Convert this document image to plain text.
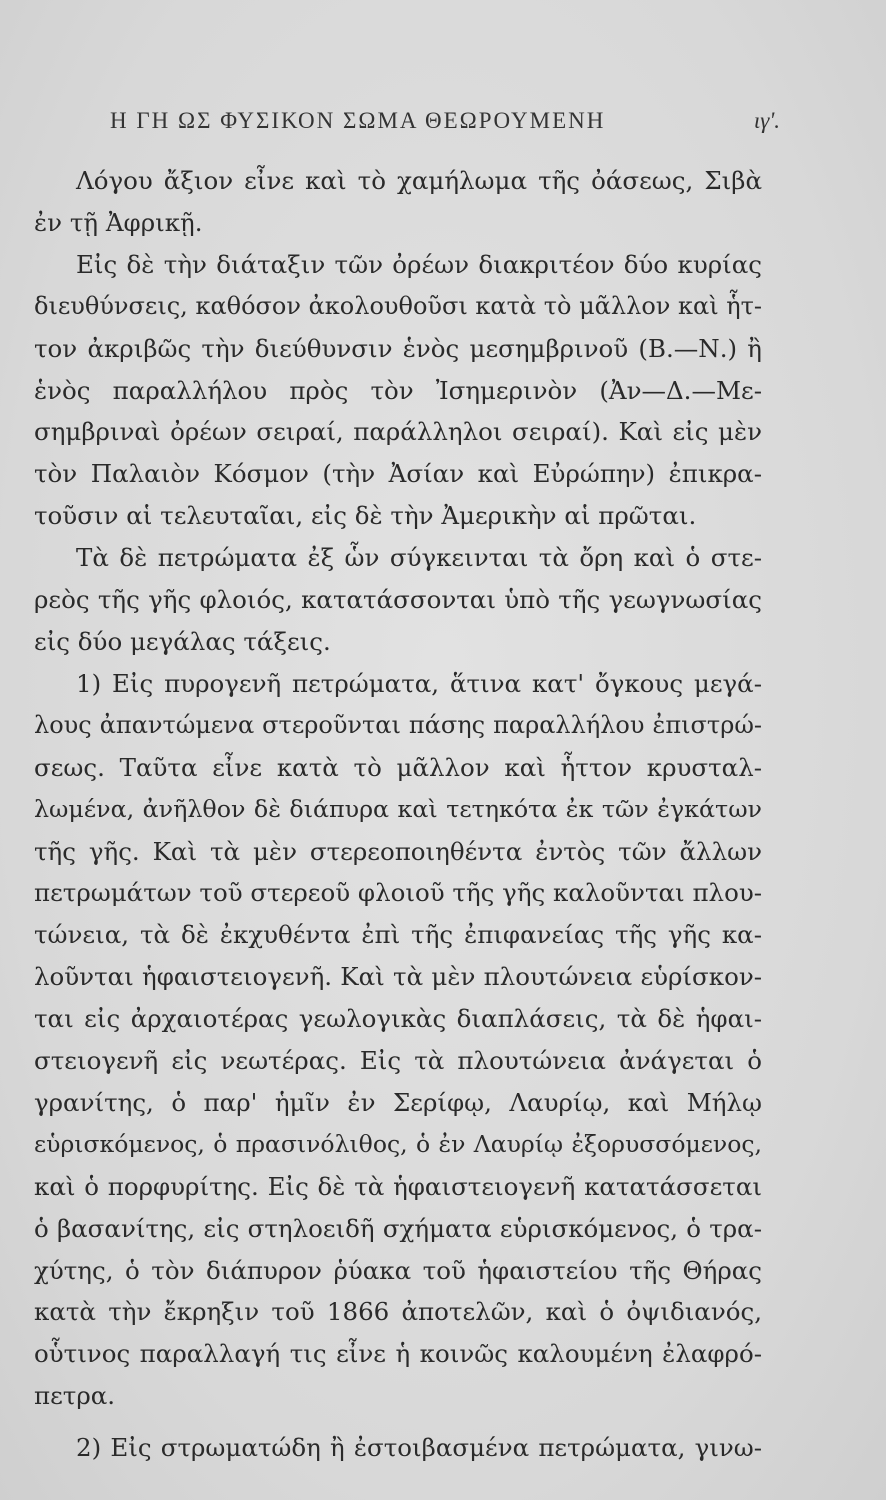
Η ΓΗ ΩΣ ΦΥΣΙΚΟΝ ΣΩΜΑ ΘΕΩΡΟΥΜΕΝΗ	ιγ'.
Λόγου ἄξιον εἶνε καὶ τὸ χαμήλωμα τῆς ὀάσεως, Σιβὰ
ἐν τῇ Ἀφρικῇ.
Εἰς δὲ τὴν διάταξιν τῶν ὀρέων διακριτέον δύο κυρίας
διευθύνσεις, καθόσον ἀκολουθοῦσι κατὰ τὸ μᾶλλον καὶ ἧτ-
τον ἀκριβῶς τὴν διεύθυνσιν ἑνὸς μεσημβρινοῦ (Β.—Ν.) ἢ
ἑνὸς παραλλήλου πρὸς τὸν Ἰσημερινὸν (Ἀν—Δ.—Με-
σημβριναὶ ὀρέων σειραί, παράλληλοι σειραί). Καὶ εἰς μὲν
τὸν Παλαιὸν Κόσμον (τὴν Ἀσίαν καὶ Εὐρώπην) ἐπικρα-
τοῦσιν αἱ τελευταῖαι, εἰς δὲ τὴν Ἀμερικὴν αἱ πρῶται.
Τὰ δὲ πετρώματα ἐξ ὧν σύγκεινται τὰ ὄρη καὶ ὁ στε-
ρεὸς τῆς γῆς φλοιός, κατατάσσονται ὑπὸ τῆς γεωγνωσίας
εἰς δύο μεγάλας τάξεις.
1) Εἰς πυρογενῆ πετρώματα, ἅτινα κατ' ὄγκους μεγά-
λους ἀπαντώμενα στεροῦνται πάσης παραλλήλου ἐπιστρώ-
σεως. Ταῦτα εἶνε κατὰ τὸ μᾶλλον καὶ ἧττον κρυσταλ-
λωμένα, ἀνῆλθον δὲ διάπυρα καὶ τετηκότα ἐκ τῶν ἐγκάτων
τῆς γῆς. Καὶ τὰ μὲν στερεοποιηθέντα ἐντὸς τῶν ἄλλων
πετρωμάτων τοῦ στερεοῦ φλοιοῦ τῆς γῆς καλοῦνται πλου-
τώνεια, τὰ δὲ ἐκχυθέντα ἐπὶ τῆς ἐπιφανείας τῆς γῆς κα-
λοῦνται ἡφαιστειογενῆ. Καὶ τὰ μὲν πλουτώνεια εὑρίσκον-
ται εἰς ἀρχαιοτέρας γεωλογικὰς διαπλάσεις, τὰ δὲ ἡφαι-
στειογενῆ εἰς νεωτέρας. Εἰς τὰ πλουτώνεια ἀνάγεται ὁ
γρανίτης, ὁ παρ' ἡμῖν ἐν Σερίφῳ, Λαυρίῳ, καὶ Μήλῳ
εὑρισκόμενος, ὁ πρασινόλιθος, ὁ ἐν Λαυρίῳ ἐξορυσσόμενος,
καὶ ὁ πορφυρίτης. Εἰς δὲ τὰ ἡφαιστειογενῆ κατατάσσεται
ὁ βασανίτης, εἰς στηλοειδῆ σχήματα εὑρισκόμενος, ὁ τρα-
χύτης, ὁ τὸν διάπυρον ῥύακα τοῦ ἡφαιστείου τῆς Θήρας
κατὰ τὴν ἔκρηξιν τοῦ 1866 ἀποτελῶν, καὶ ὁ ὀψιδιανός,
οὗτινος παραλλαγή τις εἶνε ἡ κοινῶς καλουμένη ἐλαφρό-
πετρα.
2) Εἰς στρωματώδη ἢ ἐστοιβασμένα πετρώματα, γινω-
